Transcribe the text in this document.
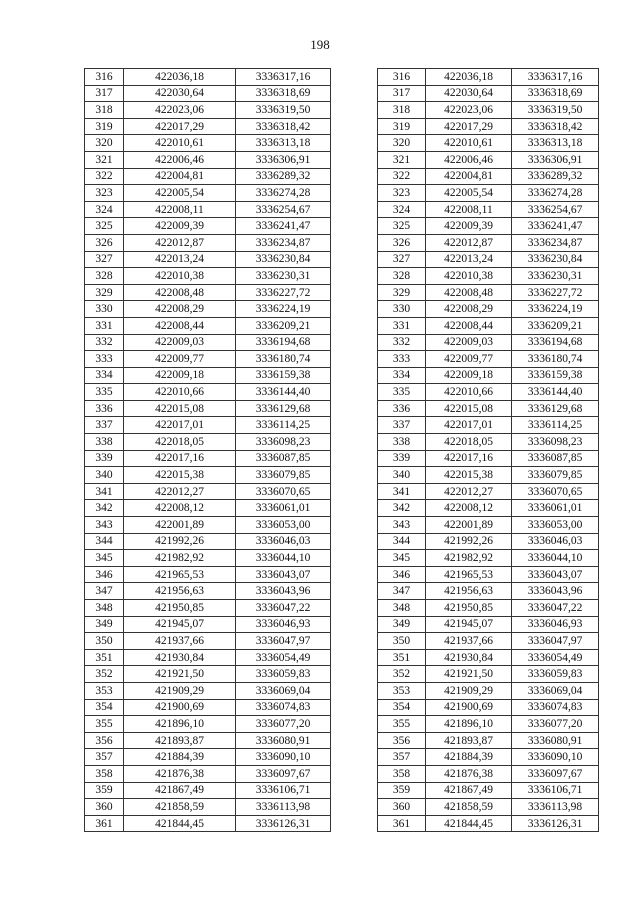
198
316	422036,18	3336317,16
317	422030,64	3336318,69
318	422023,06	3336319,50
319	422017,29	3336318,42
320	422010,61	3336313,18
321	422006,46	3336306,91
322	422004,81	3336289,32
323	422005,54	3336274,28
324	422008,11	3336254,67
325	422009,39	3336241,47
326	422012,87	3336234,87
327	422013,24	3336230,84
328	422010,38	3336230,31
329	422008,48	3336227,72
330	422008,29	3336224,19
331	422008,44	3336209,21
332	422009,03	3336194,68
333	422009,77	3336180,74
334	422009,18	3336159,38
335	422010,66	3336144,40
336	422015,08	3336129,68
337	422017,01	3336114,25
338	422018,05	3336098,23
339	422017,16	3336087,85
340	422015,38	3336079,85
341	422012,27	3336070,65
342	422008,12	3336061,01
343	422001,89	3336053,00
344	421992,26	3336046,03
345	421982,92	3336044,10
346	421965,53	3336043,07
347	421956,63	3336043,96
348	421950,85	3336047,22
349	421945,07	3336046,93
350	421937,66	3336047,97
351	421930,84	3336054,49
352	421921,50	3336059,83
353	421909,29	3336069,04
354	421900,69	3336074,83
355	421896,10	3336077,20
356	421893,87	3336080,91
357	421884,39	3336090,10
358	421876,38	3336097,67
359	421867,49	3336106,71
360	421858,59	3336113,98
361	421844,45	3336126,31
316	422036,18	3336317,16
317	422030,64	3336318,69
318	422023,06	3336319,50
319	422017,29	3336318,42
320	422010,61	3336313,18
321	422006,46	3336306,91
322	422004,81	3336289,32
323	422005,54	3336274,28
324	422008,11	3336254,67
325	422009,39	3336241,47
326	422012,87	3336234,87
327	422013,24	3336230,84
328	422010,38	3336230,31
329	422008,48	3336227,72
330	422008,29	3336224,19
331	422008,44	3336209,21
332	422009,03	3336194,68
333	422009,77	3336180,74
334	422009,18	3336159,38
335	422010,66	3336144,40
336	422015,08	3336129,68
337	422017,01	3336114,25
338	422018,05	3336098,23
339	422017,16	3336087,85
340	422015,38	3336079,85
341	422012,27	3336070,65
342	422008,12	3336061,01
343	422001,89	3336053,00
344	421992,26	3336046,03
345	421982,92	3336044,10
346	421965,53	3336043,07
347	421956,63	3336043,96
348	421950,85	3336047,22
349	421945,07	3336046,93
350	421937,66	3336047,97
351	421930,84	3336054,49
352	421921,50	3336059,83
353	421909,29	3336069,04
354	421900,69	3336074,83
355	421896,10	3336077,20
356	421893,87	3336080,91
357	421884,39	3336090,10
358	421876,38	3336097,67
359	421867,49	3336106,71
360	421858,59	3336113,98
361	421844,45	3336126,31
